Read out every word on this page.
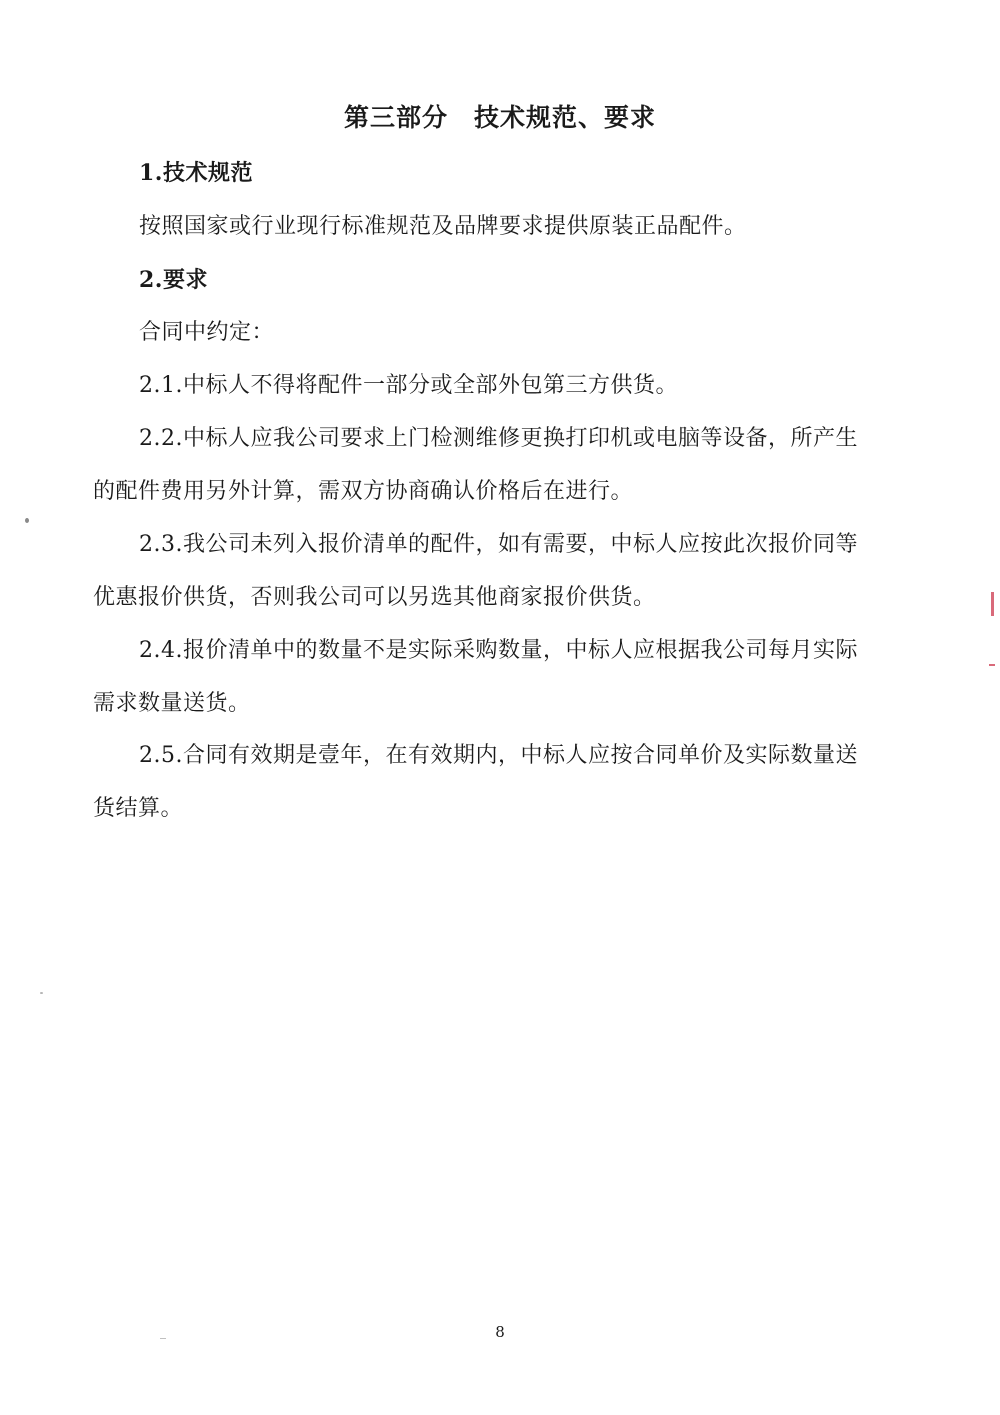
第三部分　技术规范、要求
1.技术规范
按照国家或行业现行标准规范及品牌要求提供原装正品配件。
2.要求
合同中约定：
2.1.中标人不得将配件一部分或全部外包第三方供货。
2.2.中标人应我公司要求上门检测维修更换打印机或电脑等设备，所产生
的配件费用另外计算，需双方协商确认价格后在进行。
2.3.我公司未列入报价清单的配件，如有需要，中标人应按此次报价同等
优惠报价供货，否则我公司可以另选其他商家报价供货。
2.4.报价清单中的数量不是实际采购数量，中标人应根据我公司每月实际
需求数量送货。
2.5.合同有效期是壹年，在有效期内，中标人应按合同单价及实际数量送
货结算。
8
